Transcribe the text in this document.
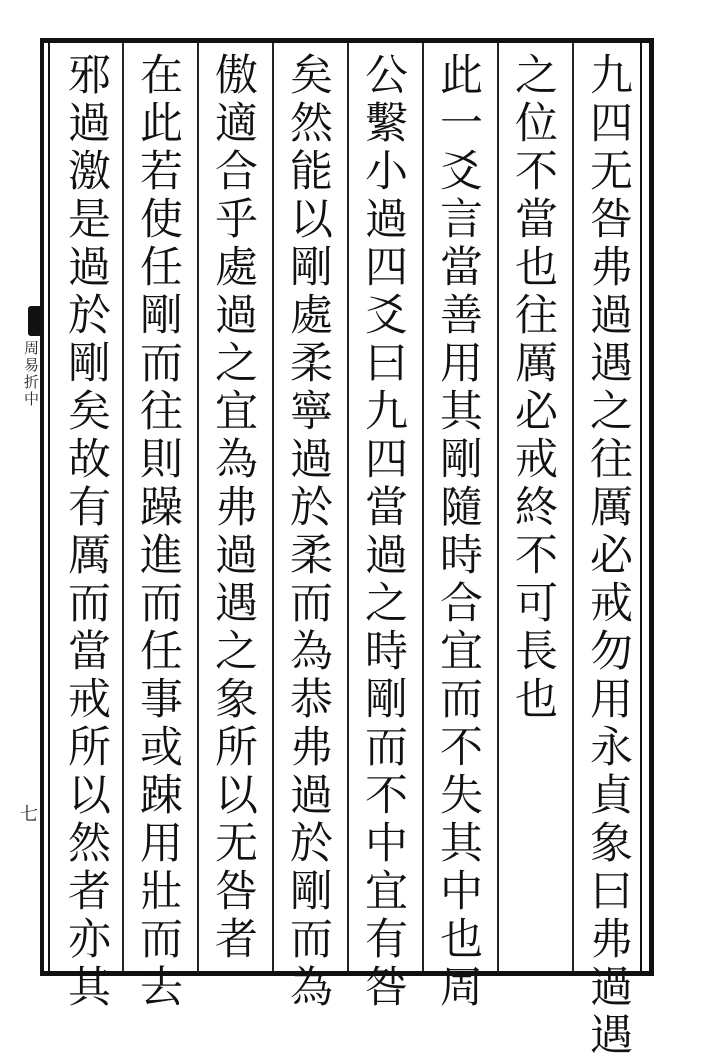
周易折中
七	九四无咎弗過遇之往厲必戒勿用永貞象曰弗過遇
之位不當也往厲必戒終不可長也
此一爻言當善用其剛隨時合宜而不失其中也周
公繫小過四爻曰九四當過之時剛而不中宜有咎
矣然能以剛處柔寧過於柔而為恭弗過於剛而為
傲適合乎處過之宜為弗過遇之象所以无咎者
在此若使任剛而往則躁進而任事或踈用壯而去
邪過激是過於剛矣故有厲而當戒所以然者亦其
